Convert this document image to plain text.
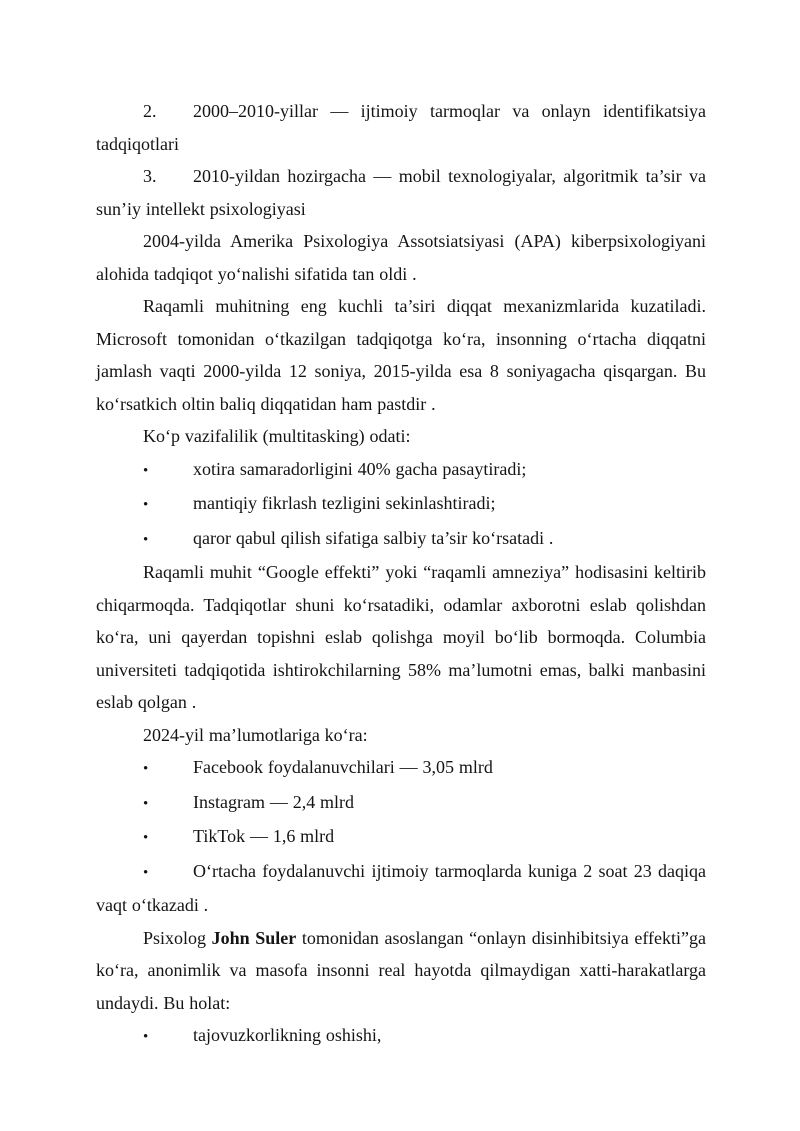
2. 2000–2010-yillar — ijtimoiy tarmoqlar va onlayn identifikatsiya tadqiqotlari

3. 2010-yildan hozirgacha — mobil texnologiyalar, algoritmik ta’sir va sun’iy intellekt psixologiyasi

2004-yilda Amerika Psixologiya Assotsiatsiyasi (APA) kiberpsixologiyani alohida tadqiqot yoʻnalishi sifatida tan oldi .

Raqamli muhitning eng kuchli ta’siri diqqat mexanizmlarida kuzatiladi. Microsoft tomonidan oʻtkazilgan tadqiqotga koʻra, insonning oʻrtacha diqqatni jamlash vaqti 2000-yilda 12 soniya, 2015-yilda esa 8 soniyagacha qisqargan. Bu koʻrsatkich oltin baliq diqqatidan ham pastdir .

Koʻp vazifalilik (multitasking) odati:

• xotira samaradorligini 40% gacha pasaytiradi;

• mantiqiy fikrlash tezligini sekinlashtiradi;

• qaror qabul qilish sifatiga salbiy ta’sir koʻrsatadi .

Raqamli muhit “Google effekti” yoki “raqamli amneziya” hodisasini keltirib chiqarmoqda. Tadqiqotlar shuni koʻrsatadiki, odamlar axborotni eslab qolishdan koʻra, uni qayerdan topishni eslab qolishga moyil boʻlib bormoqda. Columbia universiteti tadqiqotida ishtirokchilarning 58% ma’lumotni emas, balki manbasini eslab qolgan .

2024-yil ma’lumotlariga koʻra:

• Facebook foydalanuvchilari — 3,05 mlrd

• Instagram — 2,4 mlrd

• TikTok — 1,6 mlrd

• Oʻrtacha foydalanuvchi ijtimoiy tarmoqlarda kuniga 2 soat 23 daqiqa vaqt oʻtkazadi .

Psixolog John Suler tomonidan asoslangan “onlayn disinhibitsiya effekti”ga koʻra, anonimlik va masofa insonni real hayotda qilmaydigan xatti-harakatlarga undaydi. Bu holat:

• tajovuzkorlikning oshishi,
